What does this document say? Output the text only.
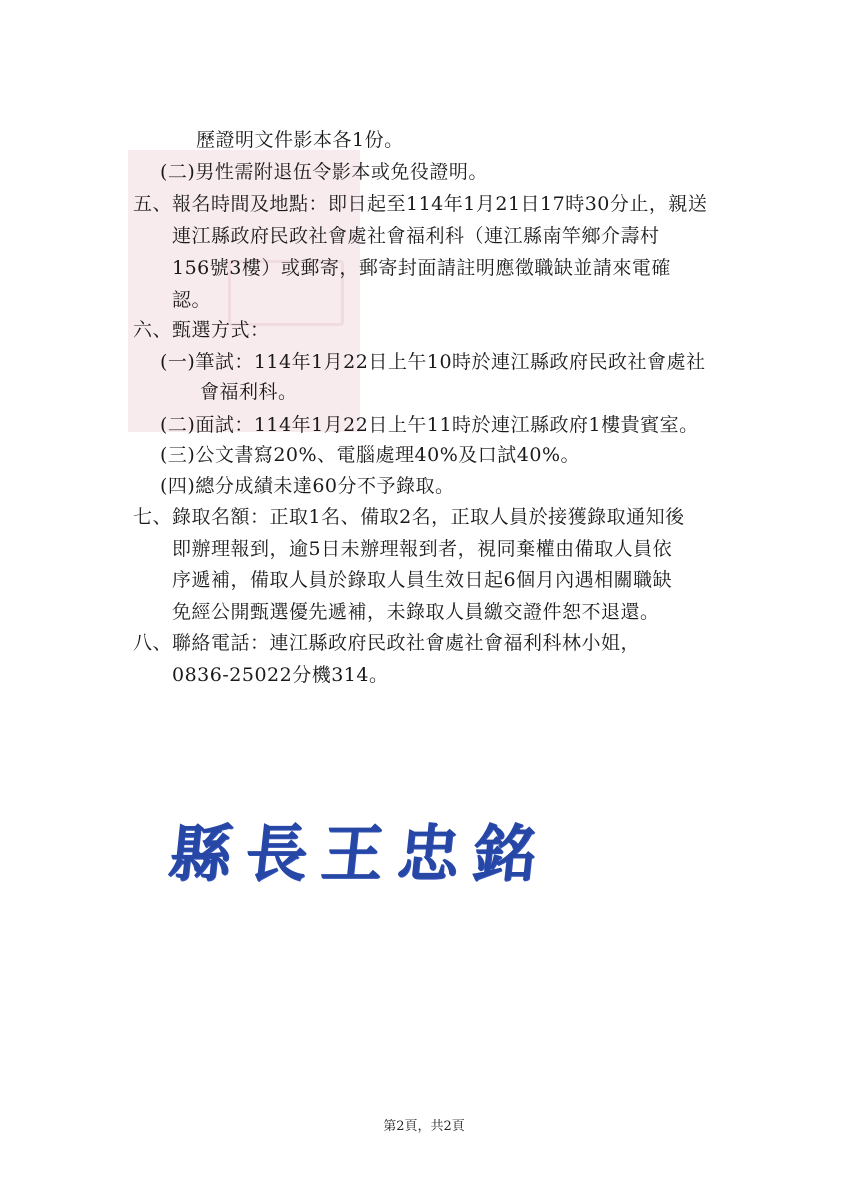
歷證明文件影本各1份。
(二)男性需附退伍令影本或免役證明。
五、報名時間及地點：即日起至114年1月21日17時30分止，親送
連江縣政府民政社會處社會福利科（連江縣南竿鄉介壽村
156號3樓）或郵寄，郵寄封面請註明應徵職缺並請來電確
認。
六、甄選方式：
(一)筆試：114年1月22日上午10時於連江縣政府民政社會處社
會福利科。
(二)面試：114年1月22日上午11時於連江縣政府1樓貴賓室。
(三)公文書寫20%、電腦處理40%及口試40%。
(四)總分成績未達60分不予錄取。
七、錄取名額：正取1名、備取2名，正取人員於接獲錄取通知後
即辦理報到，逾5日未辦理報到者，視同棄權由備取人員依
序遞補，備取人員於錄取人員生效日起6個月內遇相關職缺
免經公開甄選優先遞補，未錄取人員繳交證件恕不退還。
八、聯絡電話：連江縣政府民政社會處社會福利科林小姐，
0836-25022分機314。
縣長王忠銘
第2頁，共2頁
